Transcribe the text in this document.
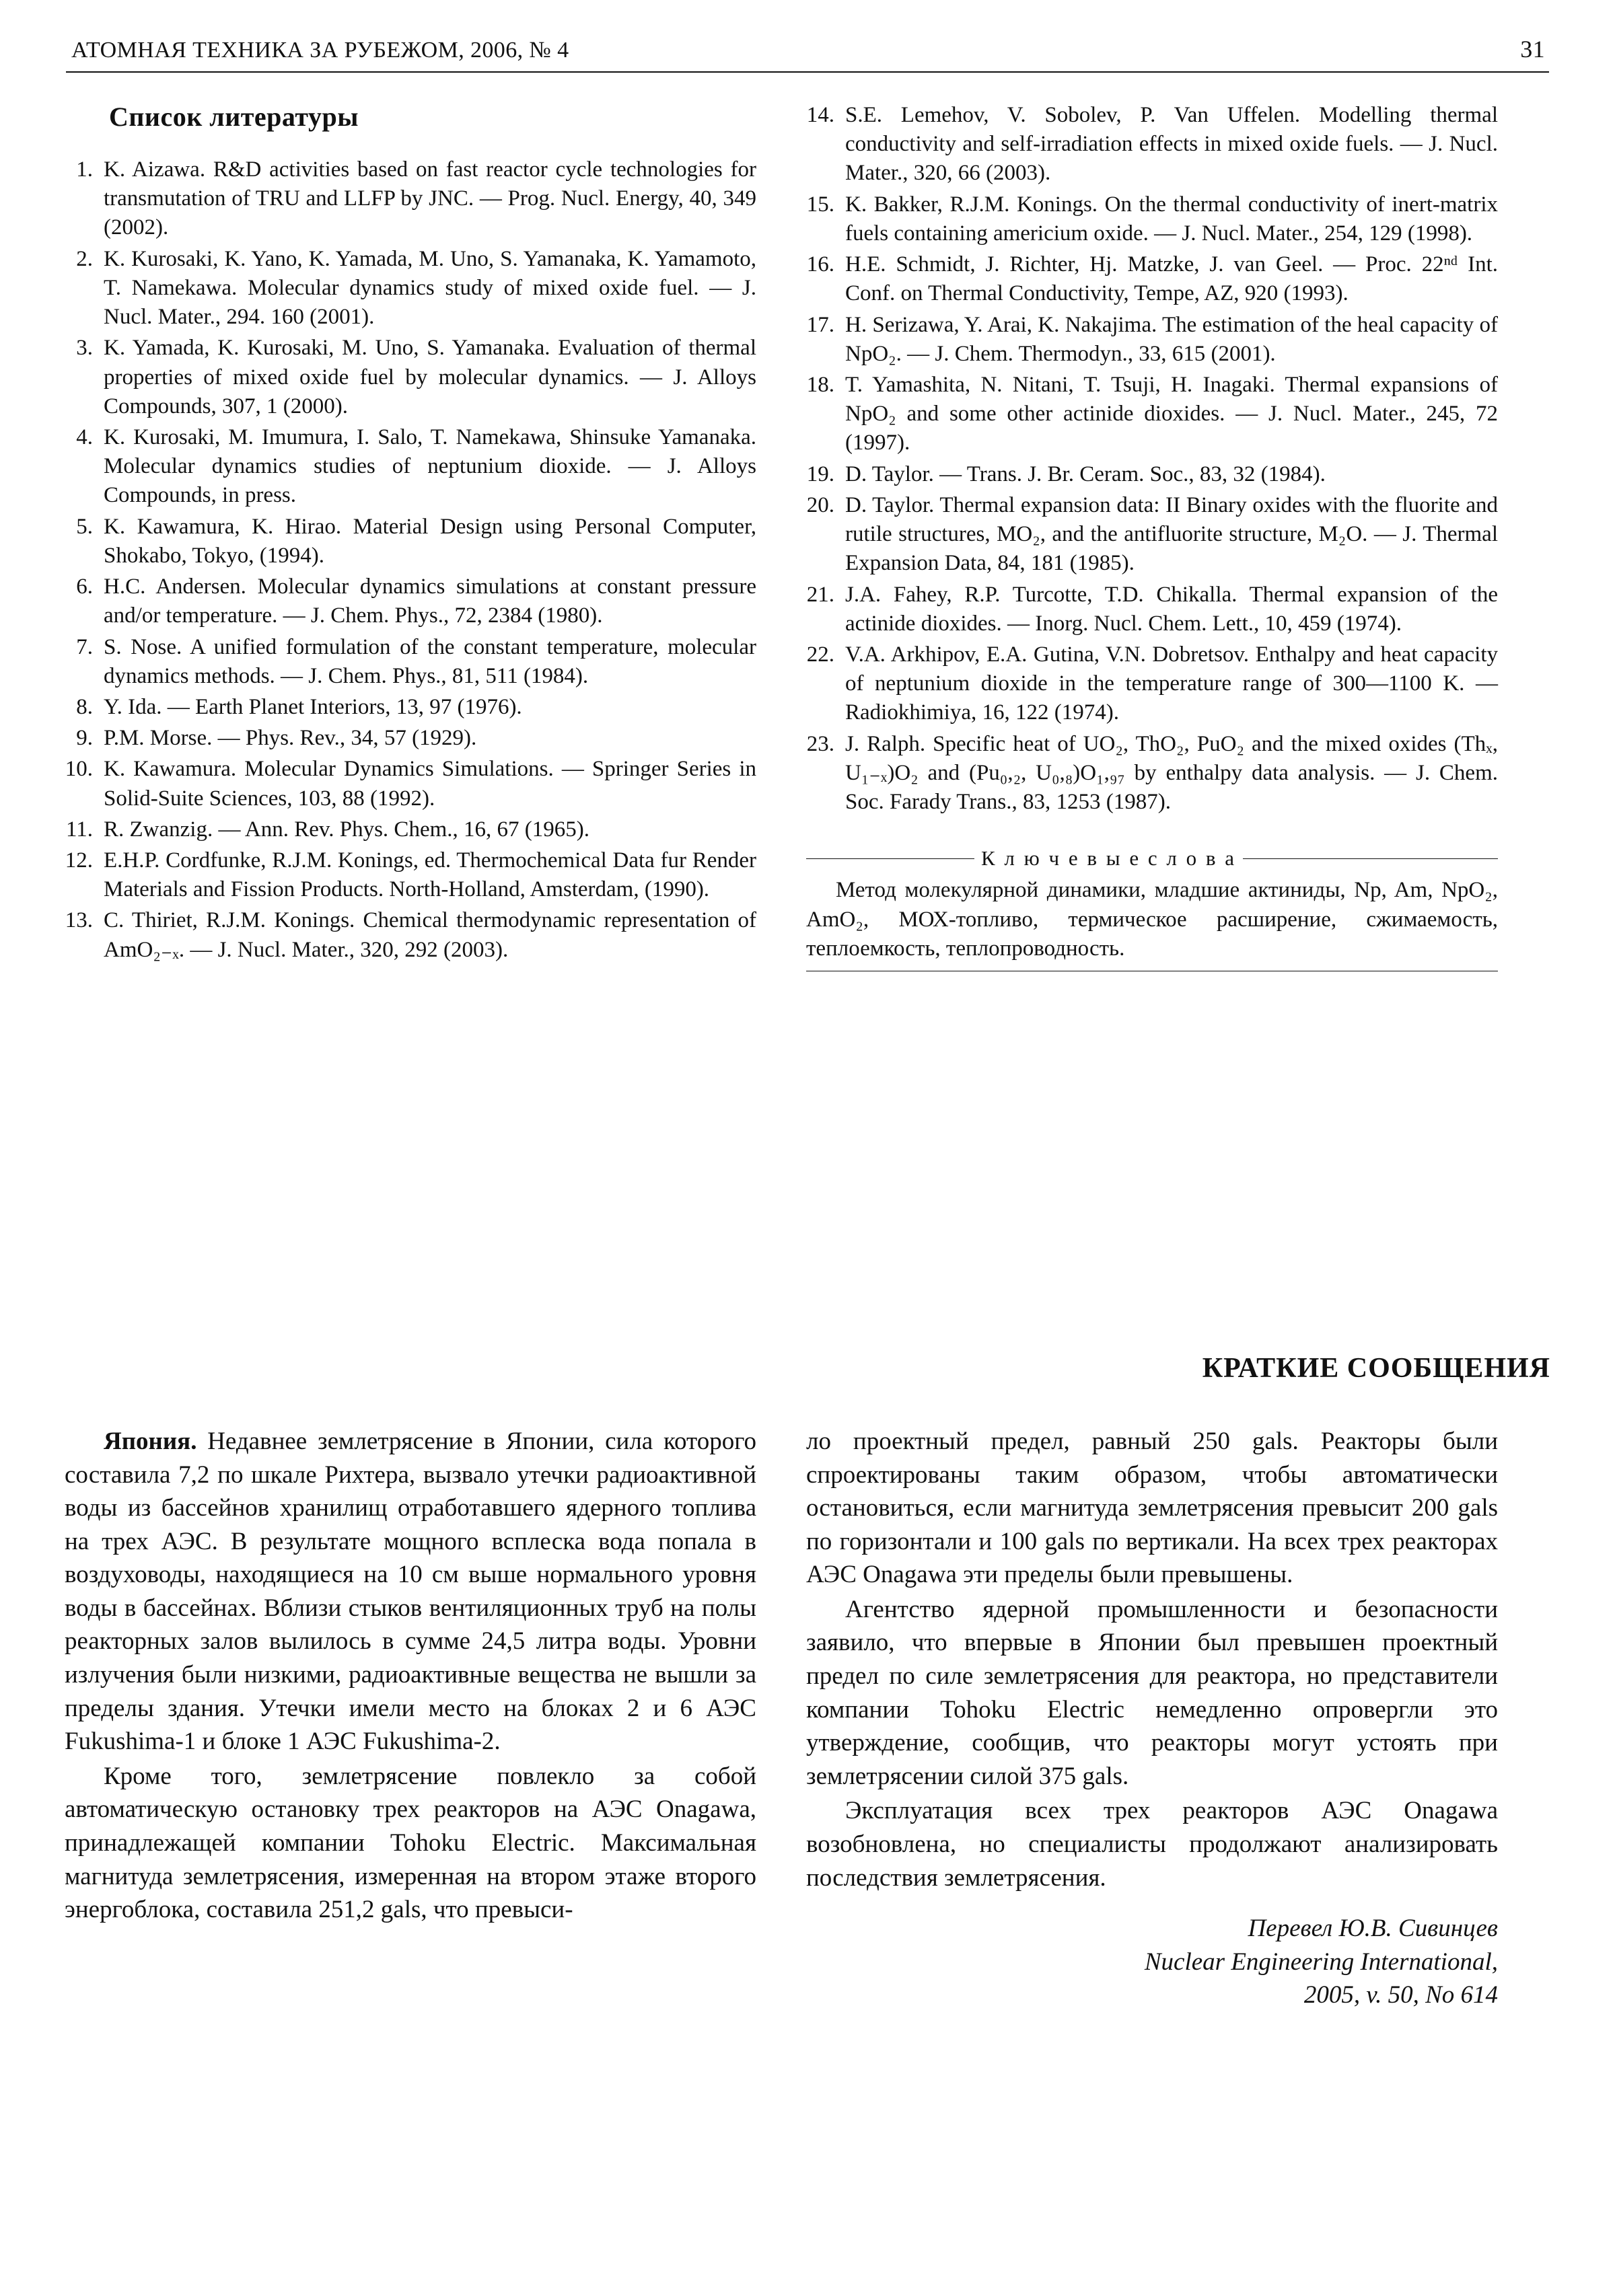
АТОМНАЯ ТЕХНИКА ЗА РУБЕЖОМ, 2006, № 4	31
Список литературы
1. K. Aizawa. R&D activities based on fast reactor cycle technologies for transmutation of TRU and LLFP by JNC. — Prog. Nucl. Energy, 40, 349 (2002).
2. K. Kurosaki, K. Yano, K. Yamada, M. Uno, S. Yamanaka, K. Yamamoto, T. Namekawa. Molecular dynamics study of mixed oxide fuel. — J. Nucl. Mater., 294. 160 (2001).
3. K. Yamada, K. Kurosaki, M. Uno, S. Yamanaka. Evaluation of thermal properties of mixed oxide fuel by molecular dynamics. — J. Alloys Compounds, 307, 1 (2000).
4. K. Kurosaki, M. Imumura, I. Salo, T. Namekawa, Shinsuke Yamanaka. Molecular dynamics studies of neptunium dioxide. — J. Alloys Compounds, in press.
5. K. Kawamura, K. Hirao. Material Design using Personal Computer, Shokabo, Tokyo, (1994).
6. H.C. Andersen. Molecular dynamics simulations at constant pressure and/or temperature. — J. Chem. Phys., 72, 2384 (1980).
7. S. Nose. A unified formulation of the constant temperature, molecular dynamics methods. — J. Chem. Phys., 81, 511 (1984).
8. Y. Ida. — Earth Planet Interiors, 13, 97 (1976).
9. P.M. Morse. — Phys. Rev., 34, 57 (1929).
10. K. Kawamura. Molecular Dynamics Simulations. — Springer Series in Solid-Suite Sciences, 103, 88 (1992).
11. R. Zwanzig. — Ann. Rev. Phys. Chem., 16, 67 (1965).
12. E.H.P. Cordfunke, R.J.M. Konings, ed. Thermochemical Data fur Render Materials and Fission Products. North-Holland, Amsterdam, (1990).
13. C. Thiriet, R.J.M. Konings. Chemical thermodynamic representation of AmO₂₋ₓ. — J. Nucl. Mater., 320, 292 (2003).
14. S.E. Lemehov, V. Sobolev, P. Van Uffelen. Modelling thermal conductivity and self-irradiation effects in mixed oxide fuels. — J. Nucl. Mater., 320, 66 (2003).
15. K. Bakker, R.J.M. Konings. On the thermal conductivity of inert-matrix fuels containing americium oxide. — J. Nucl. Mater., 254, 129 (1998).
16. H.E. Schmidt, J. Richter, Hj. Matzke, J. van Geel. — Proc. 22ⁿᵈ Int. Conf. on Thermal Conductivity, Tempe, AZ, 920 (1993).
17. H. Serizawa, Y. Arai, K. Nakajima. The estimation of the heal capacity of NpO₂. — J. Chem. Thermodyn., 33, 615 (2001).
18. T. Yamashita, N. Nitani, T. Tsuji, H. Inagaki. Thermal expansions of NpO₂ and some other actinide dioxides. — J. Nucl. Mater., 245, 72 (1997).
19. D. Taylor. — Trans. J. Br. Ceram. Soc., 83, 32 (1984).
20. D. Taylor. Thermal expansion data: II Binary oxides with the fluorite and rutile structures, MO₂, and the antifluorite structure, M₂O. — J. Thermal Expansion Data, 84, 181 (1985).
21. J.A. Fahey, R.P. Turcotte, T.D. Chikalla. Thermal expansion of the actinide dioxides. — Inorg. Nucl. Chem. Lett., 10, 459 (1974).
22. V.A. Arkhipov, E.A. Gutina, V.N. Dobretsov. Enthalpy and heat capacity of neptunium dioxide in the temperature range of 300—1100 K. — Radiokhimiya, 16, 122 (1974).
23. J. Ralph. Specific heat of UO₂, ThO₂, PuO₂ and the mixed oxides (Thₓ, U₁₋ₓ)O₂ and (Pu₀,₂, U₀,₈)O₁,₉₇ by enthalpy data analysis. — J. Chem. Soc. Farady Trans., 83, 1253 (1987).
К л ю ч е в ы е с л о в а
Метод молекулярной динамики, младшие актиниды, Np, Am, NpO₂, AmO₂, МОХ-топливо, термическое расширение, сжимаемость, теплоемкость, теплопроводность.
КРАТКИЕ СООБЩЕНИЯ

Япония. Недавнее землетрясение в Японии, сила которого составила 7,2 по шкале Рихтера, вызвало утечки радиоактивной воды из бассейнов хранилищ отработавшего ядерного топлива на трех АЭС. В результате мощного всплеска вода попала в воздуховоды, находящиеся на 10 см выше нормального уровня воды в бассейнах. Вблизи стыков вентиляционных труб на полы реакторных залов вылилось в сумме 24,5 литра воды. Уровни излучения были низкими, радиоактивные вещества не вышли за пределы здания. Утечки имели место на блоках 2 и 6 АЭС Fukushima-1 и блоке 1 АЭС Fukushima-2.

Кроме того, землетрясение повлекло за собой автоматическую остановку трех реакторов на АЭС Onagawa, принадлежащей компании Tohoku Electric. Максимальная магнитуда землетрясения, измеренная на втором этаже второго энергоблока, составила 251,2 gals, что превыси-

ло проектный предел, равный 250 gals. Реакторы были спроектированы таким образом, чтобы автоматически остановиться, если магнитуда землетрясения превысит 200 gals по горизонтали и 100 gals по вертикали. На всех трех реакторах АЭС Onagawa эти пределы были превышены.

Агентство ядерной промышленности и безопасности заявило, что впервые в Японии был превышен проектный предел по силе землетрясения для реактора, но представители компании Tohoku Electric немедленно опровергли это утверждение, сообщив, что реакторы могут устоять при землетрясении силой 375 gals.

Эксплуатация всех трех реакторов АЭС Onagawa возобновлена, но специалисты продолжают анализировать последствия землетрясения.

Перевел Ю.В. Сивинцев
Nuclear Engineering International,
2005, v. 50, No 614
